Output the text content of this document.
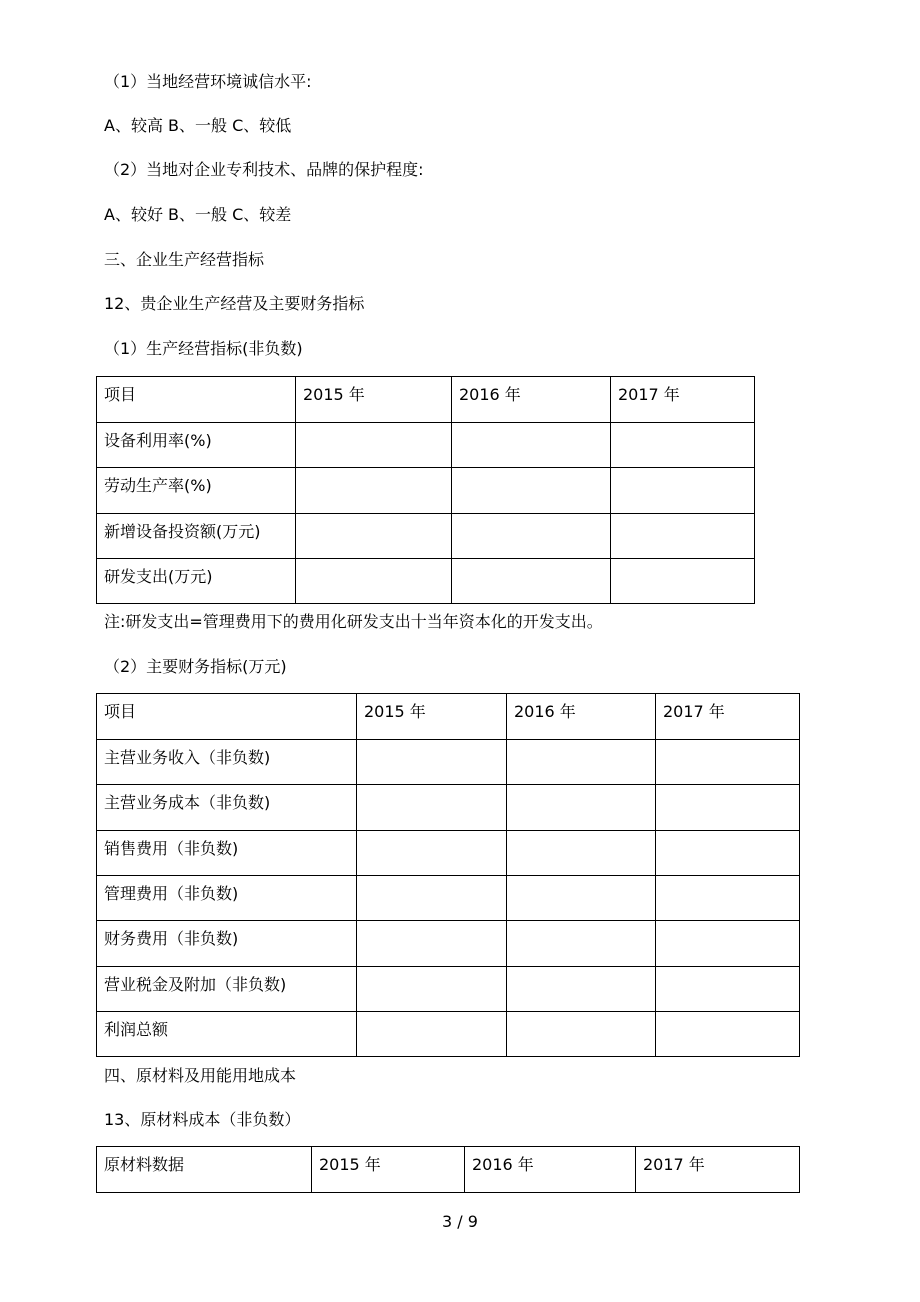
（1）当地经营环境诚信水平:
A、较高 B、一般 C、较低
（2）当地对企业专利技术、品牌的保护程度:
A、较好 B、一般 C、较差
三、企业生产经营指标
12、贵企业生产经营及主要财务指标
（1）生产经营指标(非负数)
项目	2015 年	2016 年	2017 年
设备利用率(%)			
劳动生产率(%)			
新增设备投资额(万元)			
研发支出(万元)			
注:研发支出=管理费用下的费用化研发支出十当年资本化的开发支出。
（2）主要财务指标(万元)
项目	2015 年	2016 年	2017 年
主营业务收入（非负数)			
主营业务成本（非负数)			
销售费用（非负数)			
管理费用（非负数)			
财务费用（非负数)			
营业税金及附加（非负数)			
利润总额			
四、原材料及用能用地成本
13、原材料成本（非负数）
原材料数据	2015 年	2016 年	2017 年
3 / 9
